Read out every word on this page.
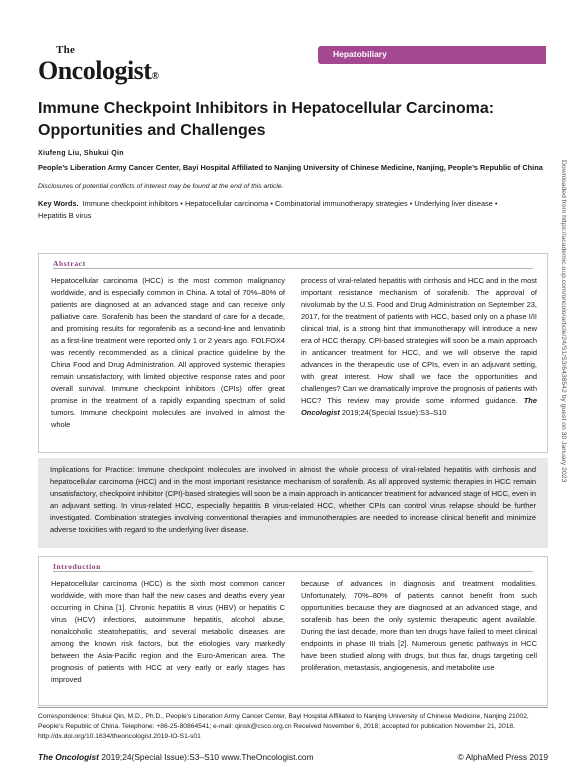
The
Oncologist®
Hepatobiliary
Immune Checkpoint Inhibitors in Hepatocellular Carcinoma: Opportunities and Challenges
Xiufeng Liu, Shukui Qin
People’s Liberation Army Cancer Center, Bayi Hospital Affiliated to Nanjing University of Chinese Medicine, Nanjing, People’s Republic of China
Disclosures of potential conflicts of interest may be found at the end of this article.
Key Words. Immune checkpoint inhibitors • Hepatocellular carcinoma • Combinatorial immunotherapy strategies • Underlying liver disease • Hepatitis B virus
Abstract

Hepatocellular carcinoma (HCC) is the most common malignancy worldwide, and is especially common in China. A total of 70%–80% of patients are diagnosed at an advanced stage and can receive only palliative care. Sorafenib has been the standard of care for a decade, and promising results for regorafenib as a second-line and lenvatinib as a first-line treatment were reported only 1 or 2 years ago. FOLFOX4 was recently recommended as a clinical practice guideline by the China Food and Drug Administration. All approved systemic therapies remain unsatisfactory, with limited objective response rates and poor overall survival. Immune checkpoint inhibitors (CPIs) offer great promise in the treatment of a rapidly expanding spectrum of solid tumors. Immune checkpoint molecules are involved in almost the whole

process of viral-related hepatitis with cirrhosis and HCC and in the most important resistance mechanism of sorafenib. The approval of nivolumab by the U.S. Food and Drug Administration on September 23, 2017, for the treatment of patients with HCC, based only on a phase I/II clinical trial, is a strong hint that immunotherapy will introduce a new era of HCC therapy. CPI-based strategies will soon be a main approach in anticancer treatment for HCC, and we will observe the rapid advances in the therapeutic use of CPIs, even in an adjuvant setting, with great interest. How shall we face the opportunities and challenges? Can we dramatically improve the prognosis of patients with HCC? This review may provide some informed guidance. The Oncologist 2019;24(Special Issue):S3–S10

Implications for Practice: Immune checkpoint molecules are involved in almost the whole process of viral-related hepatitis with cirrhosis and hepatocellular carcinoma (HCC) and in the most important resistance mechanism of sorafenib. As all approved systemic therapies in HCC remain unsatisfactory, checkpoint inhibitor (CPI)-based strategies will soon be a main approach in anticancer treatment for advanced stage of HCC, even in an adjuvant setting. In virus-related HCC, especially hepatitis B virus-related HCC, whether CPIs can control virus relapse should be further investigated. Combination strategies involving conventional therapies and immunotherapies are needed to increase clinical benefit and minimize adverse toxicities with regard to the underlying liver disease.
Introduction

Hepatocellular carcinoma (HCC) is the sixth most common cancer worldwide, with more than half the new cases and deaths every year occurring in China [1]. Chronic hepatitis B virus (HBV) or hepatitis C virus (HCV) infections, autoimmune hepatitis, alcohol abuse, nonalcoholic steatohepatitis, and several metabolic diseases are among the known risk factors, but the etiologies vary markedly between the Asia-Pacific region and the Euro-American area. The prognosis of patients with HCC at very early or early stages has improved

because of advances in diagnosis and treatment modalities. Unfortunately, 70%–80% of patients cannot benefit from such opportunities because they are diagnosed at an advanced stage, and sorafenib has been the only systemic therapeutic agent available. During the last decade, more than ten drugs have failed to meet clinical endpoints in phase III trials [2]. Numerous genetic pathways in HCC have been studied along with drugs, but thus far, drugs targeting cell proliferation, metastasis, angiogenesis, and metabolite use

Correspondence: Shukui Qin, M.D., Ph.D., People’s Liberation Army Cancer Center, Bayi Hospital Affiliated to Nanjing University of Chinese Medicine, Nanjing 21002, People’s Republic of China. Telephone: +86-25-80864541; e-mail: qinsk@csco.org.cn Received November 6, 2018; accepted for publication November 21, 2018. http://dx.doi.org/10.1634/theoncologist.2019-IO-S1-s01
The Oncologist 2019;24(Special Issue):S3–S10 www.TheOncologist.com	© AlphaMed Press 2019
Downloaded from https://academic.oup.com/oncolo/article/24/S1/S3/6438542 by guest on 30 January 2023
